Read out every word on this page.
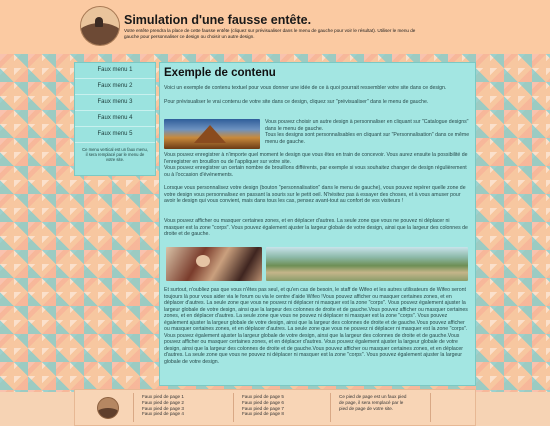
Simulation d'une fausse entête.
Votre entête prendra la place de cette fausse entête (cliquez sur prévisualiser dans le menu de gauche pour voir le résultat). Utiliser le menu de gauche pour personnaliser ce design ou choisir un autre design.
Faux menu 1
Faux menu 2
Faux menu 3
Faux menu 4
Faux menu 5
Ce menu vertical est un faux menu, il sera remplacé par le menu de votre site.
Exemple de contenu
Voici un exemple de contenu textuel pour vous donner une idée de ce à quoi pourrait ressembler votre site dans ce design.
Pour prévisualiser le vrai contenu de votre site dans ce design, cliquez sur "prévisualiser" dans le menu de gauche.
Vous pouvez choisir un autre design à personnaliser en cliquant sur "Catalogue designs" dans le menu de gauche.
Tous les designs sont personnalisables en cliquant sur "Personnalisation" dans ce même menu de gauche.
Vous pouvez enregistrer à n'importe quel moment le design que vous êtes en train de concevoir. Vous aurez ensuite la possibilité de l'enregistrer en brouillon ou de l'appliquer sur votre site.
Vous pouvez enregistrer un certain nombre de brouillons différents, par exemple si vous souhaitez changer de design régulièrement ou à l'occasion d'événements.
Lorsque vous personnalisez votre design (bouton "personnalisation" dans le menu de gauche), vous pouvez repérer quelle zone de votre design vous personnalisez en passant la souris sur le petit oeil. N'hésitez pas à essayer des choses, et à vous amuser pour avoir le design qui vous convient, mais dans tous les cas, pensez avant-tout au confort de vos visiteurs !
Vous pouvez afficher ou masquer certaines zones, et en déplacer d'autres. La seule zone que vous ne pouvez ni déplacer ni masquer est la zone "corps". Vous pouvez également ajuster la largeur globale de votre design, ainsi que la largeur des colonnes de droite et de gauche.
Et surtout, n'oubliez pas que vous n'êtes pas seul, et qu'en cas de besoin, le staff de Wifeo et les autres utilisateurs de Wifeo seront toujours là pour vous aider via le forum ou via le centre d'aide Wifeo !Vous pouvez afficher ou masquer certaines zones, et en déplacer d'autres. La seule zone que vous ne pouvez ni déplacer ni masquer est la zone "corps". Vous pouvez également ajuster la largeur globale de votre design, ainsi que la largeur des colonnes de droite et de gauche.Vous pouvez afficher ou masquer certaines zones, et en déplacer d'autres. La seule zone que vous ne pouvez ni déplacer ni masquer est la zone "corps". Vous pouvez également ajuster la largeur globale de votre design, ainsi que la largeur des colonnes de droite et de gauche.Vous pouvez afficher ou masquer certaines zones, et en déplacer d'autres. La seule zone que vous ne pouvez ni déplacer ni masquer est la zone "corps". Vous pouvez également ajuster la largeur globale de votre design, ainsi que la largeur des colonnes de droite et de gauche.Vous pouvez afficher ou masquer certaines zones, et en déplacer d'autres. Vous pouvez également ajuster la largeur globale de votre design, ainsi que la largeur des colonnes de droite et de gauche.Vous pouvez afficher ou masquer certaines zones, et en déplacer d'autres. La seule zone que vous ne pouvez ni déplacer ni masquer est la zone "corps". Vous pouvez également ajuster la largeur globale de votre design.
Faux pied de page 1
Faux pied de page 2
Faux pied de page 3
Faux pied de page 4
Faux pied de page 5
Faux pied de page 6
Faux pied de page 7
Faux pied de page 8
Ce pied de page est un faux pied de page, il sera remplacé par le pied de page de votre site.
